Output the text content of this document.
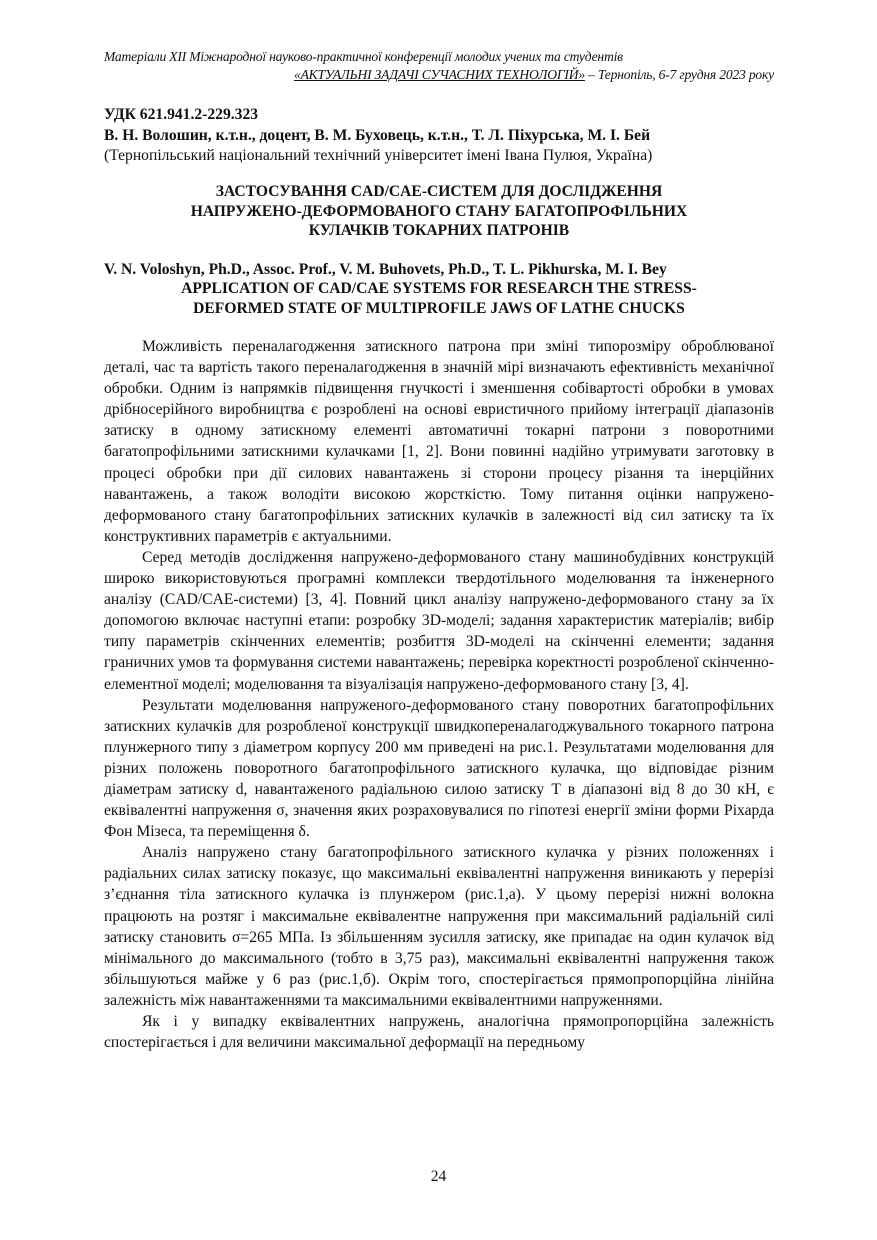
Матеріали XII Міжнародної науково-практичної конференції молодих учених та студентів
«АКТУАЛЬНІ ЗАДАЧІ СУЧАСНИХ ТЕХНОЛОГІЙ» – Тернопіль, 6-7 грудня 2023 року
УДК 621.941.2-229.323
В. Н. Волошин, к.т.н., доцент, В. М. Буховець, к.т.н., Т. Л. Піхурська, М. І. Бей
(Тернопільський національний технічний університет імені Івана Пулюя, Україна)
ЗАСТОСУВАННЯ CAD/CAE-СИСТЕМ ДЛЯ ДОСЛІДЖЕННЯ
НАПРУЖЕНО-ДЕФОРМОВАНОГО СТАНУ БАГАТОПРОФІЛЬНИХ
КУЛАЧКІВ ТОКАРНИХ ПАТРОНІВ
V. N. Voloshyn, Ph.D., Assoc. Prof., V. M. Buhovets, Ph.D., T. L. Pikhurska, M. I. Bey
APPLICATION OF CAD/CAE SYSTEMS FOR RESEARCH THE STRESS-
DEFORMED STATE OF MULTIPROFILE JAWS OF LATHE CHUCKS

Можливість переналагодження затискного патрона при зміні типорозміру оброблюваної деталі, час та вартість такого переналагодження в значній мірі визначають ефективність механічної обробки. Одним із напрямків підвищення гнучкості і зменшення собівартості обробки в умовах дрібносерійного виробництва є розроблені на основі евристичного прийому інтеграції діапазонів затиску в одному затискному елементі автоматичні токарні патрони з поворотними багатопрофільними затискними кулачками [1, 2]. Вони повинні надійно утримувати заготовку в процесі обробки при дії силових навантажень зі сторони процесу різання та інерційних навантажень, а також володіти високою жорсткістю. Тому питання оцінки напружено-деформованого стану багатопрофільних затискних кулачків в залежності від сил затиску та їх конструктивних параметрів є актуальними.

Серед методів дослідження напружено-деформованого стану машинобудівних конструкцій широко використовуються програмні комплекси твердотільного моделювання та інженерного аналізу (CAD/CAE-системи) [3, 4]. Повний цикл аналізу напружено-деформованого стану за їх допомогою включає наступні етапи: розробку 3D-моделі; задання характеристик матеріалів; вибір типу параметрів скінченних елементів; розбиття 3D-моделі на скінченні елементи; задання граничних умов та формування системи навантажень; перевірка коректності розробленої скінченно-елементної моделі; моделювання та візуалізація напружено-деформованого стану [3, 4].

Результати моделювання напруженого-деформованого стану поворотних багатопрофільних затискних кулачків для розробленої конструкції швидкопереналагоджувального токарного патрона плунжерного типу з діаметром корпусу 200 мм приведені на рис.1. Результатами моделювання для різних положень поворотного багатопрофільного затискного кулачка, що відповідає різним діаметрам затиску d, навантаженого радіальною силою затиску T в діапазоні від 8 до 30 кН, є еквівалентні напруження σ, значення яких розраховувалися по гіпотезі енергії зміни форми Ріхарда Фон Мізеса, та переміщення δ.

Аналіз напружено стану багатопрофільного затискного кулачка у різних положеннях і радіальних силах затиску показує, що максимальні еквівалентні напруження виникають у перерізі з’єднання тіла затискного кулачка із плунжером (рис.1,а). У цьому перерізі нижні волокна працюють на розтяг і максимальне еквівалентне напруження при максимальний радіальній силі затиску становить σ=265 МПа. Із збільшенням зусилля затиску, яке припадає на один кулачок від мінімального до максимального (тобто в 3,75 раз), максимальні еквівалентні напруження також збільшуються майже у 6 раз (рис.1,б). Окрім того, спостерігається прямопропорційна лінійна залежність між навантаженнями та максимальними еквівалентними напруженнями.

Як і у випадку еквівалентних напружень, аналогічна прямопропорційна залежність спостерігається і для величини максимальної деформації на передньому

24
